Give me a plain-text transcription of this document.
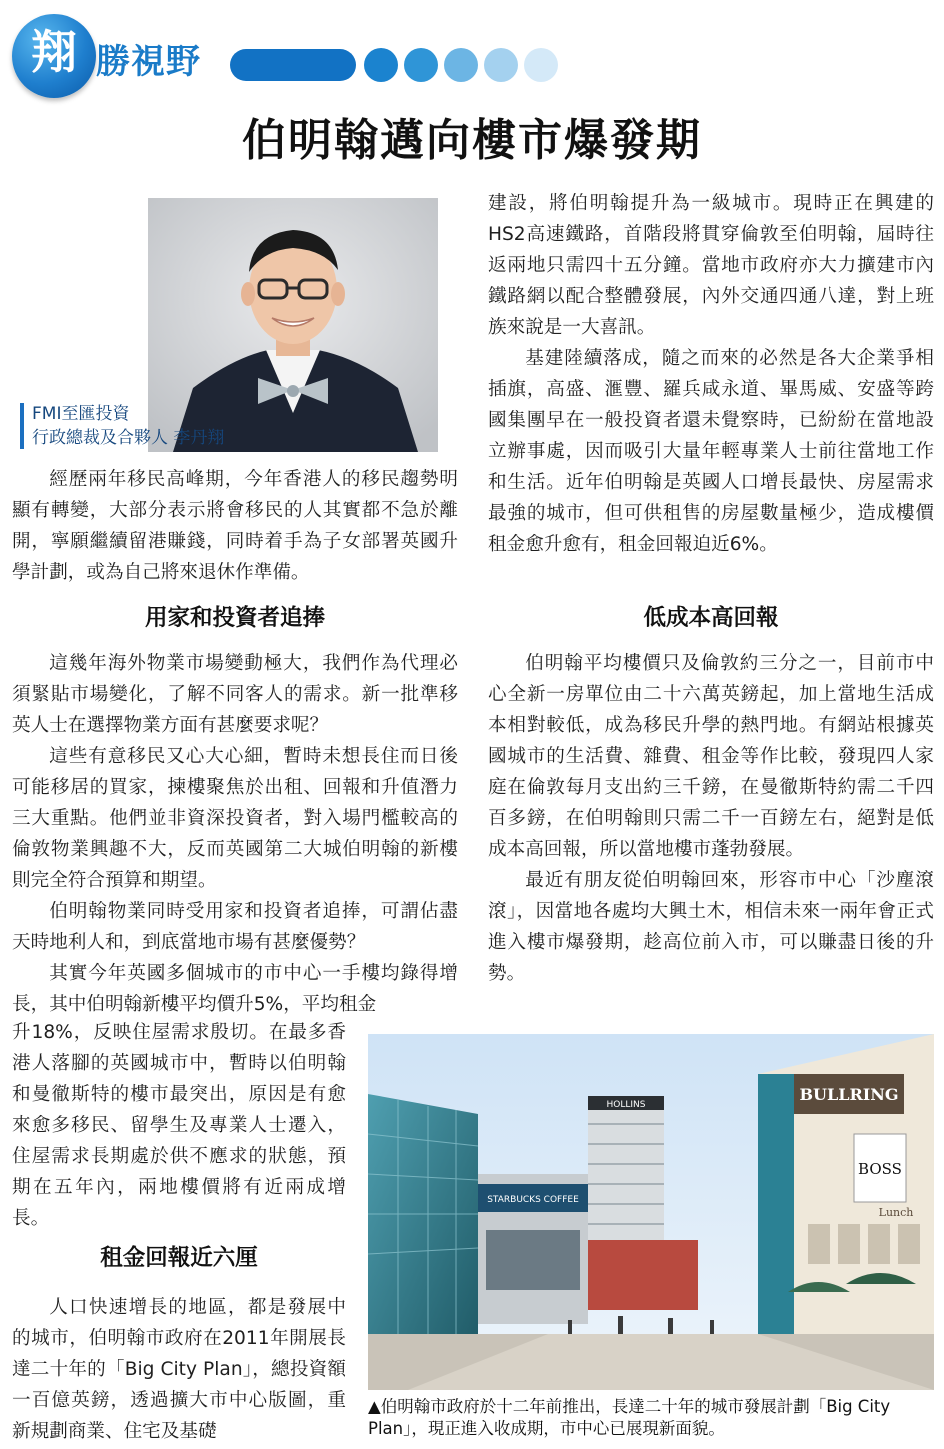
翔 勝視野
伯明翰邁向樓市爆發期
FMI至匯投資
行政總裁及合夥人 李丹翔

經歷兩年移民高峰期，今年香港人的移民趨勢明顯有轉變，大部分表示將會移民的人其實都不急於離開，寧願繼續留港賺錢，同時着手為子女部署英國升學計劃，或為自己將來退休作準備。

建設，將伯明翰提升為一級城市。現時正在興建的HS2高速鐵路，首階段將貫穿倫敦至伯明翰，屆時往返兩地只需四十五分鐘。當地市政府亦大力擴建市內鐵路網以配合整體發展，內外交通四通八達，對上班族來說是一大喜訊。

基建陸續落成，隨之而來的必然是各大企業爭相插旗，高盛、滙豐、羅兵咸永道、畢馬威、安盛等跨國集團早在一般投資者還未覺察時，已紛紛在當地設立辦事處，因而吸引大量年輕專業人士前往當地工作和生活。近年伯明翰是英國人口增長最快、房屋需求最強的城市，但可供租售的房屋數量極少，造成樓價租金愈升愈有，租金回報迫近6%。

用家和投資者追捧	低成本高回報

這幾年海外物業市場變動極大，我們作為代理必須緊貼市場變化，了解不同客人的需求。新一批準移英人士在選擇物業方面有甚麼要求呢？

這些有意移民又心大心細，暫時未想長住而日後可能移居的買家，揀樓聚焦於出租、回報和升值潛力三大重點。他們並非資深投資者，對入場門檻較高的倫敦物業興趣不大，反而英國第二大城伯明翰的新樓則完全符合預算和期望。

伯明翰物業同時受用家和投資者追捧，可謂佔盡天時地利人和，到底當地市場有甚麼優勢？

其實今年英國多個城市的市中心一手樓均錄得增長，其中伯明翰新樓平均價升5%，平均租金

升18%，反映住屋需求殷切。在最多香港人落腳的英國城市中，暫時以伯明翰和曼徹斯特的樓市最突出，原因是有愈來愈多移民、留學生及專業人士遷入，住屋需求長期處於供不應求的狀態，預期在五年內，兩地樓價將有近兩成增長。

租金回報近六厘

人口快速增長的地區，都是發展中的城市，伯明翰市政府在2011年開展長達二十年的「Big City Plan」，總投資額一百億英鎊，透過擴大市中心版圖，重新規劃商業、住宅及基礎

伯明翰平均樓價只及倫敦約三分之一，目前市中心全新一房單位由二十六萬英鎊起，加上當地生活成本相對較低，成為移民升學的熱門地。有網站根據英國城市的生活費、雜費、租金等作比較，發現四人家庭在倫敦每月支出約三千鎊，在曼徹斯特約需二千四百多鎊，在伯明翰則只需二千一百鎊左右，絕對是低成本高回報，所以當地樓市蓬勃發展。

最近有朋友從伯明翰回來，形容市中心「沙塵滾滾」，因當地各處均大興土木，相信未來一兩年會正式進入樓市爆發期，趁高位前入市，可以賺盡日後的升勢。

HOLLINS
STARBUCKS COFFEE
BULLRING
BOSS
Lunch
▲伯明翰市政府於十二年前推出，長達二十年的城市發展計劃「Big City Plan」，現正進入收成期，市中心已展現新面貌。
